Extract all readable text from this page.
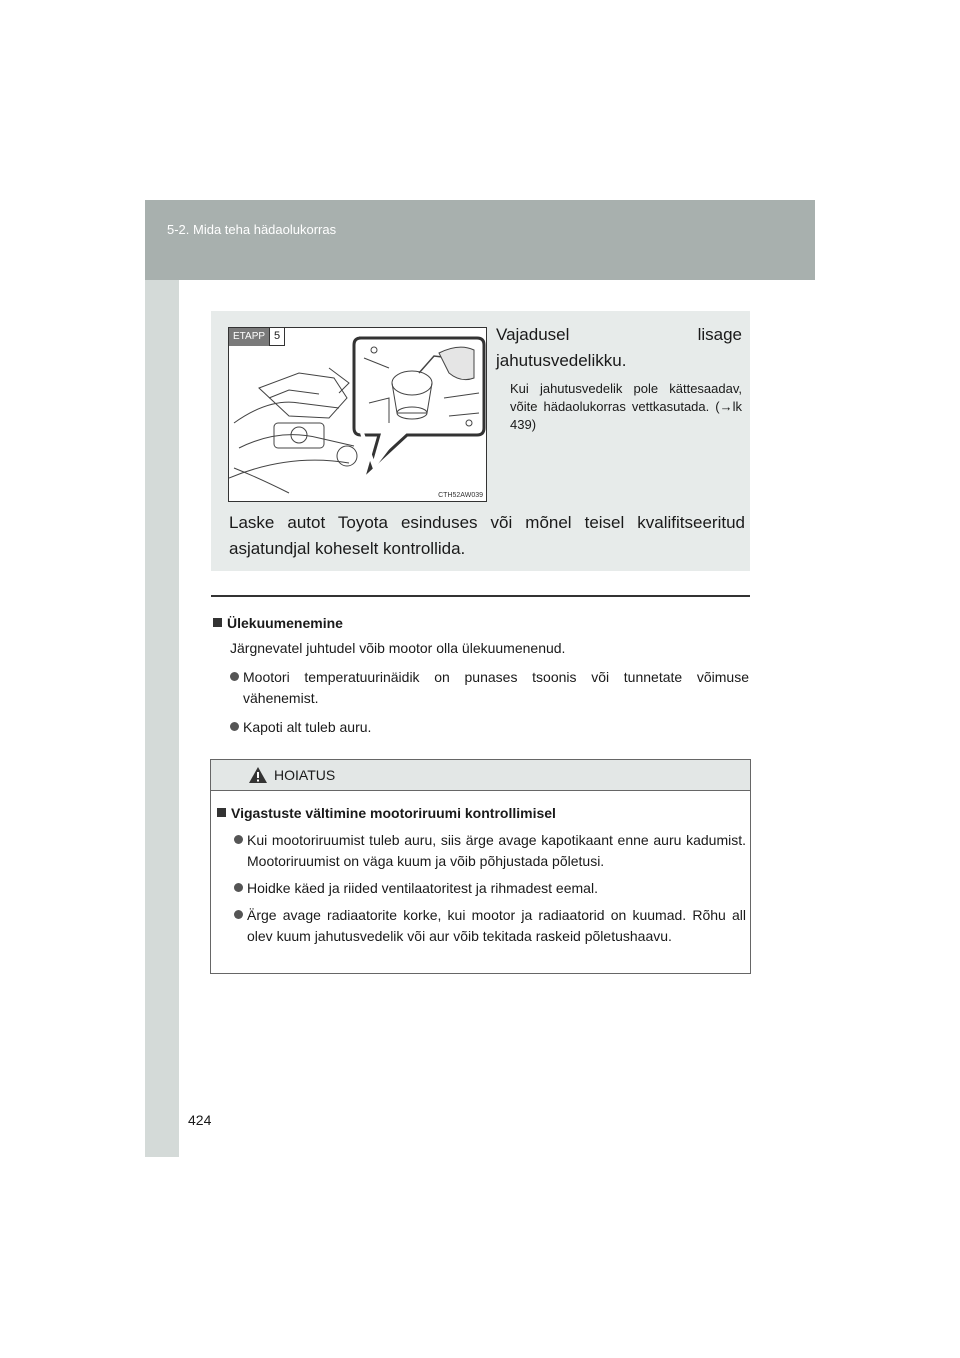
5-2. Mida teha hädaolukorras
424
ETAPP 5
CTH52AW039
Vajadusel lisage jahutusvedelikku.
Kui jahutusvedelik pole kättesaadav, võite hädaolukorras vettkasutada. (→lk 439)
Laske autot Toyota esinduses või mõnel teisel kvalifitseeritud asjatundjal koheselt kontrollida.
Ülekuumenemine
Järgnevatel juhtudel võib mootor olla ülekuumenenud.
Mootori temperatuurinäidik on punases tsoonis või tunnetate võimuse vähenemist.
Kapoti alt tuleb auru.
HOIATUS
Vigastuste vältimine mootoriruumi kontrollimisel
Kui mootoriruumist tuleb auru, siis ärge avage kapotikaant enne auru kadumist. Mootoriruumist on väga kuum ja võib põhjustada põletusi.
Hoidke käed ja riided ventilaatoritest ja rihmadest eemal.
Ärge avage radiaatorite korke, kui mootor ja radiaatorid on kuumad. Rõhu all olev kuum jahutusvedelik või aur võib tekitada raskeid põletushaavu.
